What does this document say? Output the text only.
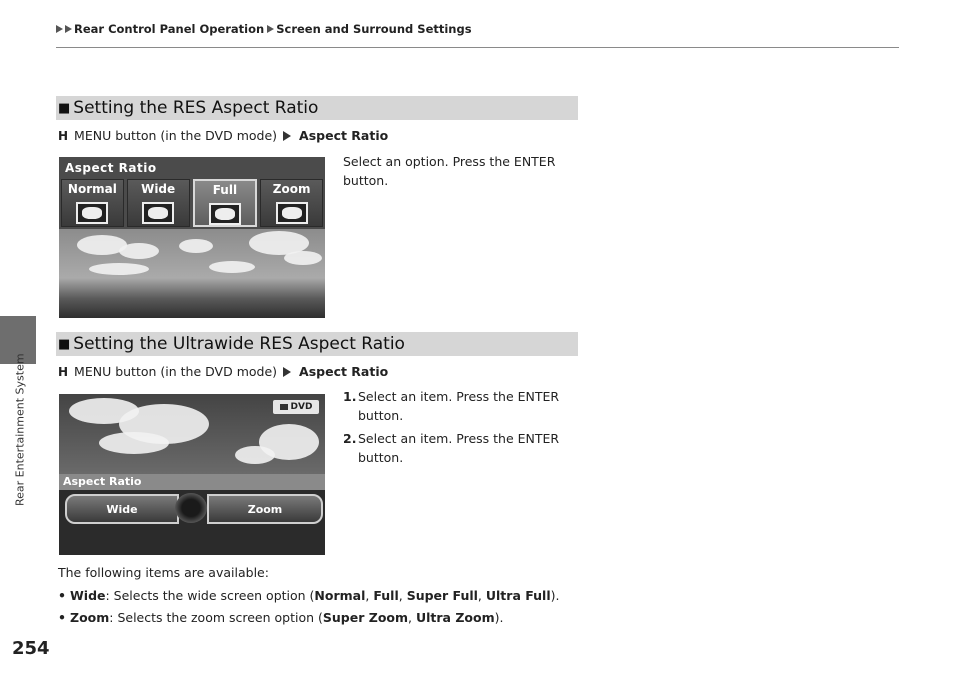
Rear Control Panel Operation Screen and Surround Settings
Rear Entertainment System
254
■ Setting the RES Aspect Ratio
H MENU button (in the DVD mode) Aspect Ratio
Select an option. Press the ENTER button.
Aspect Ratio
Normal	Wide	Full	Zoom
■ Setting the Ultrawide RES Aspect Ratio
H MENU button (in the DVD mode) Aspect Ratio
1. Select an item. Press the ENTER button.
2. Select an item. Press the ENTER button.
DVD
Aspect Ratio
Wide	Zoom
The following items are available:
• Wide: Selects the wide screen option (Normal, Full, Super Full, Ultra Full).
• Zoom: Selects the zoom screen option (Super Zoom, Ultra Zoom).
